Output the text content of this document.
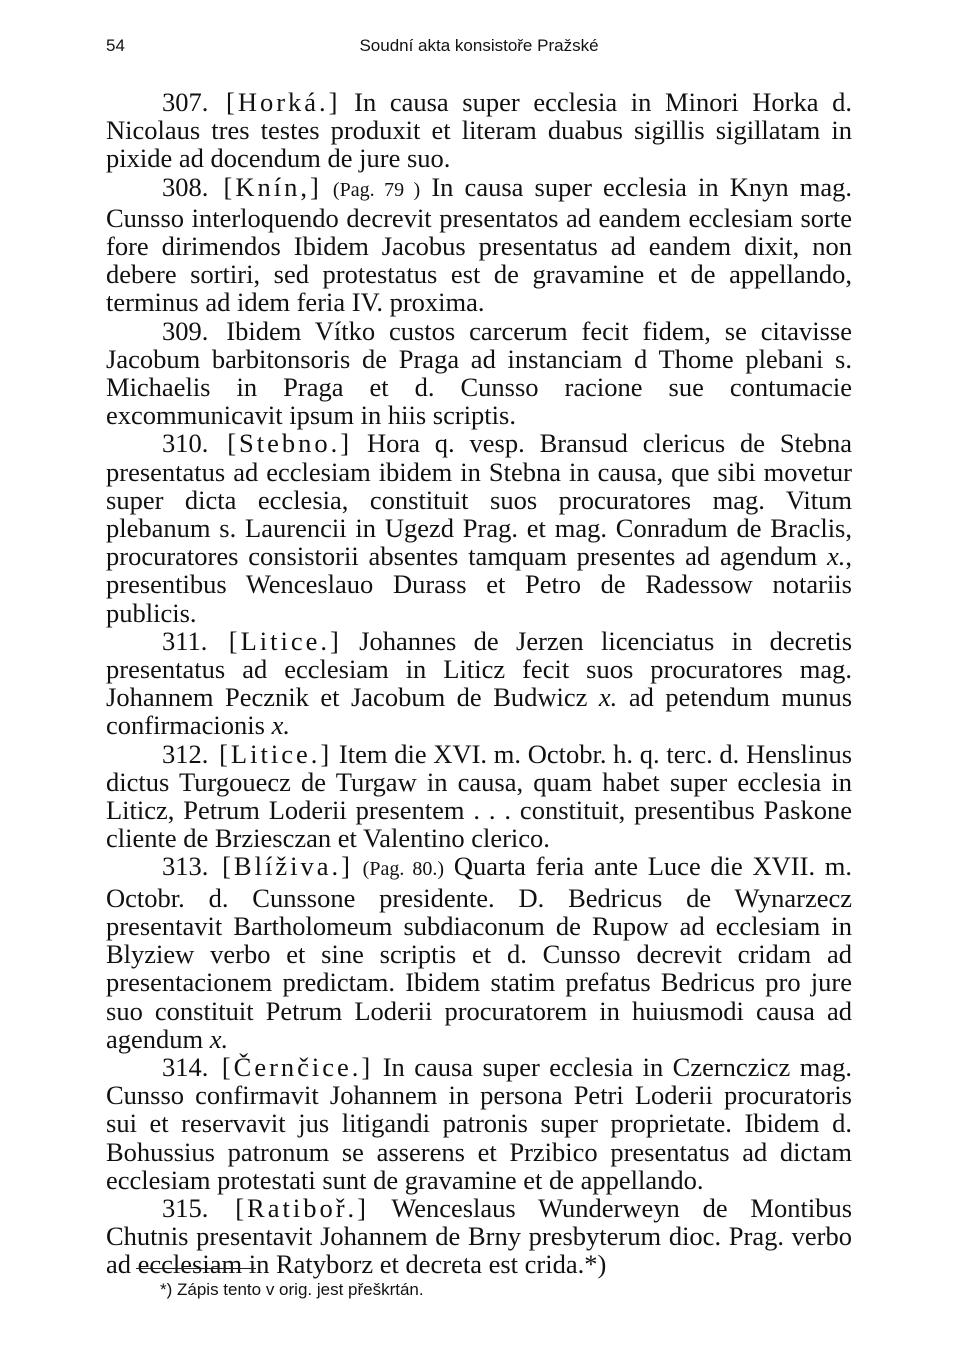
54	Soudní akta konsistoře Pražské

307. [Horká.] In causa super ecclesia in Minori Horka d. Nicolaus tres testes produxit et literam duabus sigillis sigillatam in pixide ad docendum de jure suo.

308. [Knín,] (Pag. 79 ) In causa super ecclesia in Knyn mag. Cunsso interloquendo decrevit presentatos ad eandem ecclesiam sorte fore dirimendos Ibidem Jacobus presentatus ad eandem dixit, non debere sortiri, sed protestatus est de gravamine et de appellando, terminus ad idem feria IV. proxima.

309. Ibidem Vítko custos carcerum fecit fidem, se citavisse Jacobum barbitonsoris de Praga ad instanciam d Thome plebani s. Michaelis in Praga et d. Cunsso racione sue contumacie excommunicavit ipsum in hiis scriptis.

310. [Stebno.] Hora q. vesp. Bransud clericus de Stebna presentatus ad ecclesiam ibidem in Stebna in causa, que sibi movetur super dicta ecclesia, constituit suos procuratores mag. Vitum plebanum s. Laurencii in Ugezd Prag. et mag. Conradum de Braclis, procuratores consistorii absentes tamquam presentes ad agendum x., presentibus Wenceslauo Durass et Petro de Radessow notariis publicis.

311. [Litice.] Johannes de Jerzen licenciatus in decretis presentatus ad ecclesiam in Liticz fecit suos procuratores mag. Johannem Pecznik et Jacobum de Budwicz x. ad petendum munus confirmacionis x.

312. [Litice.] Item die XVI. m. Octobr. h. q. terc. d. Henslinus dictus Turgouecz de Turgaw in causa, quam habet super ecclesia in Liticz, Petrum Loderii presentem . . . constituit, presentibus Paskone cliente de Brziesczan et Valentino clerico.

313. [Blíživa.] (Pag. 80.) Quarta feria ante Luce die XVII. m. Octobr. d. Cunssone presidente. D. Bedricus de Wynarzecz presentavit Bartholomeum subdiaconum de Rupow ad ecclesiam in Blyziew verbo et sine scriptis et d. Cunsso decrevit cridam ad presentacionem predictam. Ibidem statim prefatus Bedricus pro jure suo constituit Petrum Loderii procuratorem in huiusmodi causa ad agendum x.

314. [Černčice.] In causa super ecclesia in Czernczicz mag. Cunsso confirmavit Johannem in persona Petri Loderii procuratoris sui et reservavit jus litigandi patronis super proprietate. Ibidem d. Bohussius patronum se asserens et Przibico presentatus ad dictam ecclesiam protestati sunt de gravamine et de appellando.

315. [Ratiboř.] Wenceslaus Wunderweyn de Montibus Chutnis presentavit Johannem de Brny presbyterum dioc. Prag. verbo ad ecclesiam in Ratyborz et decreta est crida.*)

*) Zápis tento v orig. jest přeškrtán.
